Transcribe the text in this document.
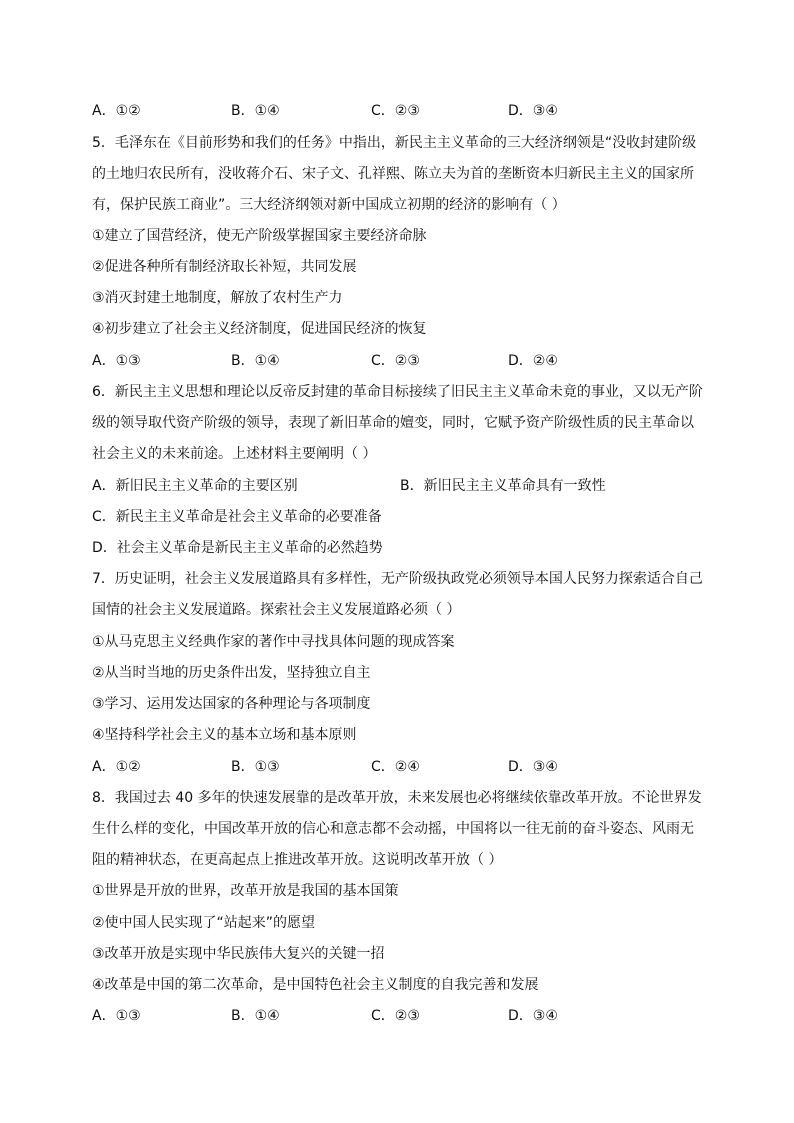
A．①②	B．①④	C．②③	D．③④
5．毛泽东在《目前形势和我们的任务》中指出，新民主主义革命的三大经济纲领是“没收封建阶级
的土地归农民所有，没收蒋介石、宋子文、孔祥熙、陈立夫为首的垄断资本归新民主主义的国家所
有，保护民族工商业”。三大经济纲领对新中国成立初期的经济的影响有（ ）
①建立了国营经济，使无产阶级掌握国家主要经济命脉
②促进各种所有制经济取长补短，共同发展
③消灭封建土地制度，解放了农村生产力
④初步建立了社会主义经济制度，促进国民经济的恢复
A．①③	B．①④	C．②③	D．②④
6．新民主主义思想和理论以反帝反封建的革命目标接续了旧民主主义革命未竟的事业，又以无产阶
级的领导取代资产阶级的领导，表现了新旧革命的嬗变，同时，它赋予资产阶级性质的民主革命以
社会主义的未来前途。上述材料主要阐明（ ）
A．新旧民主主义革命的主要区别	B．新旧民主主义革命具有一致性
C．新民主主义革命是社会主义革命的必要准备
D．社会主义革命是新民主主义革命的必然趋势
7．历史证明，社会主义发展道路具有多样性，无产阶级执政党必须领导本国人民努力探索适合自己
国情的社会主义发展道路。探索社会主义发展道路必须（ ）
①从马克思主义经典作家的著作中寻找具体问题的现成答案
②从当时当地的历史条件出发，坚持独立自主
③学习、运用发达国家的各种理论与各项制度
④坚持科学社会主义的基本立场和基本原则
A．①②	B．①③	C．②④	D．③④
8．我国过去 40 多年的快速发展靠的是改革开放，未来发展也必将继续依靠改革开放。不论世界发
生什么样的变化，中国改革开放的信心和意志都不会动摇，中国将以一往无前的奋斗姿态、风雨无
阻的精神状态，在更高起点上推进改革开放。这说明改革开放（ ）
①世界是开放的世界，改革开放是我国的基本国策
②使中国人民实现了“站起来”的愿望
③改革开放是实现中华民族伟大复兴的关键一招
④改革是中国的第二次革命，是中国特色社会主义制度的自我完善和发展
A．①③	B．①④	C．②③	D．③④
